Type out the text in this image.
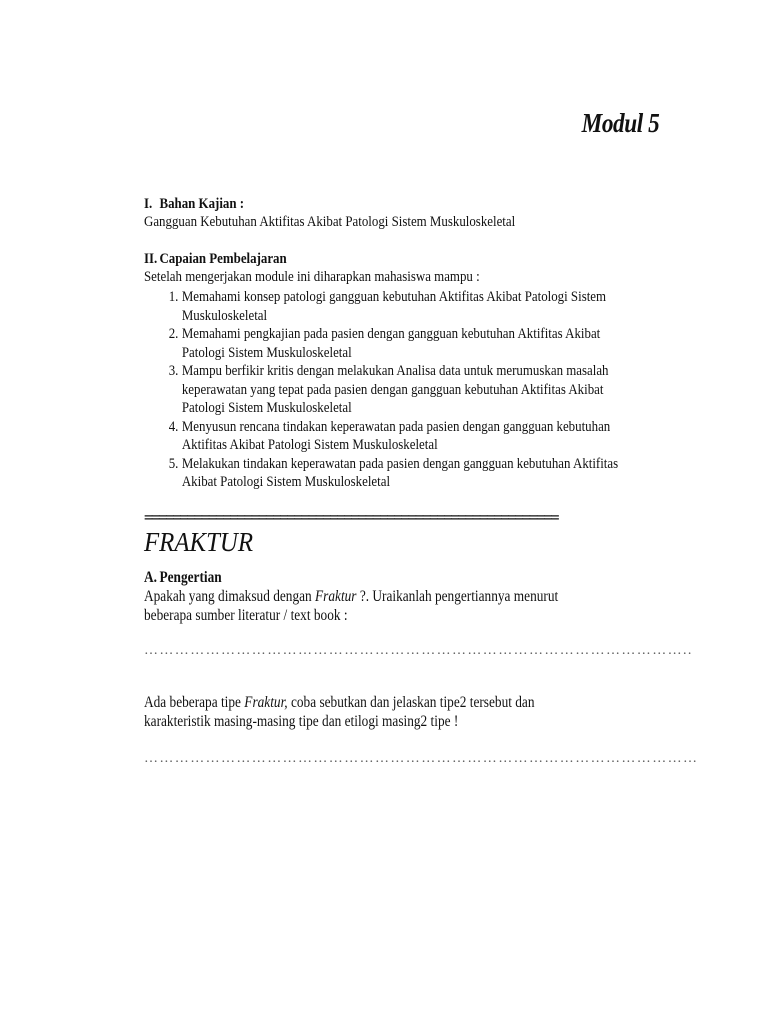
Modul 5
I. Bahan Kajian :
Gangguan Kebutuhan Aktifitas Akibat Patologi Sistem Muskuloskeletal
II. Capaian Pembelajaran
Setelah mengerjakan module ini diharapkan mahasiswa mampu :
1. Memahami konsep patologi gangguan kebutuhan Aktifitas Akibat Patologi Sistem
Muskuloskeletal
2. Memahami pengkajian pada pasien dengan gangguan kebutuhan Aktifitas Akibat
Patologi Sistem Muskuloskeletal
3. Mampu berfikir kritis dengan melakukan Analisa data untuk merumuskan masalah
keperawatan yang tepat pada pasien dengan gangguan kebutuhan Aktifitas Akibat
Patologi Sistem Muskuloskeletal
4. Menyusun rencana tindakan keperawatan pada pasien dengan gangguan kebutuhan
Aktifitas Akibat Patologi Sistem Muskuloskeletal
5. Melakukan tindakan keperawatan pada pasien dengan gangguan kebutuhan Aktifitas
Akibat Patologi Sistem Muskuloskeletal
==========================================================
FRAKTUR
A. Pengertian

Apakah yang dimaksud dengan Fraktur ?. Uraikanlah pengertiannya menurut

beberapa sumber literatur / text book :

……………………………………………………………………………………………..

Ada beberapa tipe Fraktur, coba sebutkan dan jelaskan tipe2 tersebut dan

karakteristik masing-masing tipe dan etilogi masing2 tipe !

………………………………………………………………………………………………
